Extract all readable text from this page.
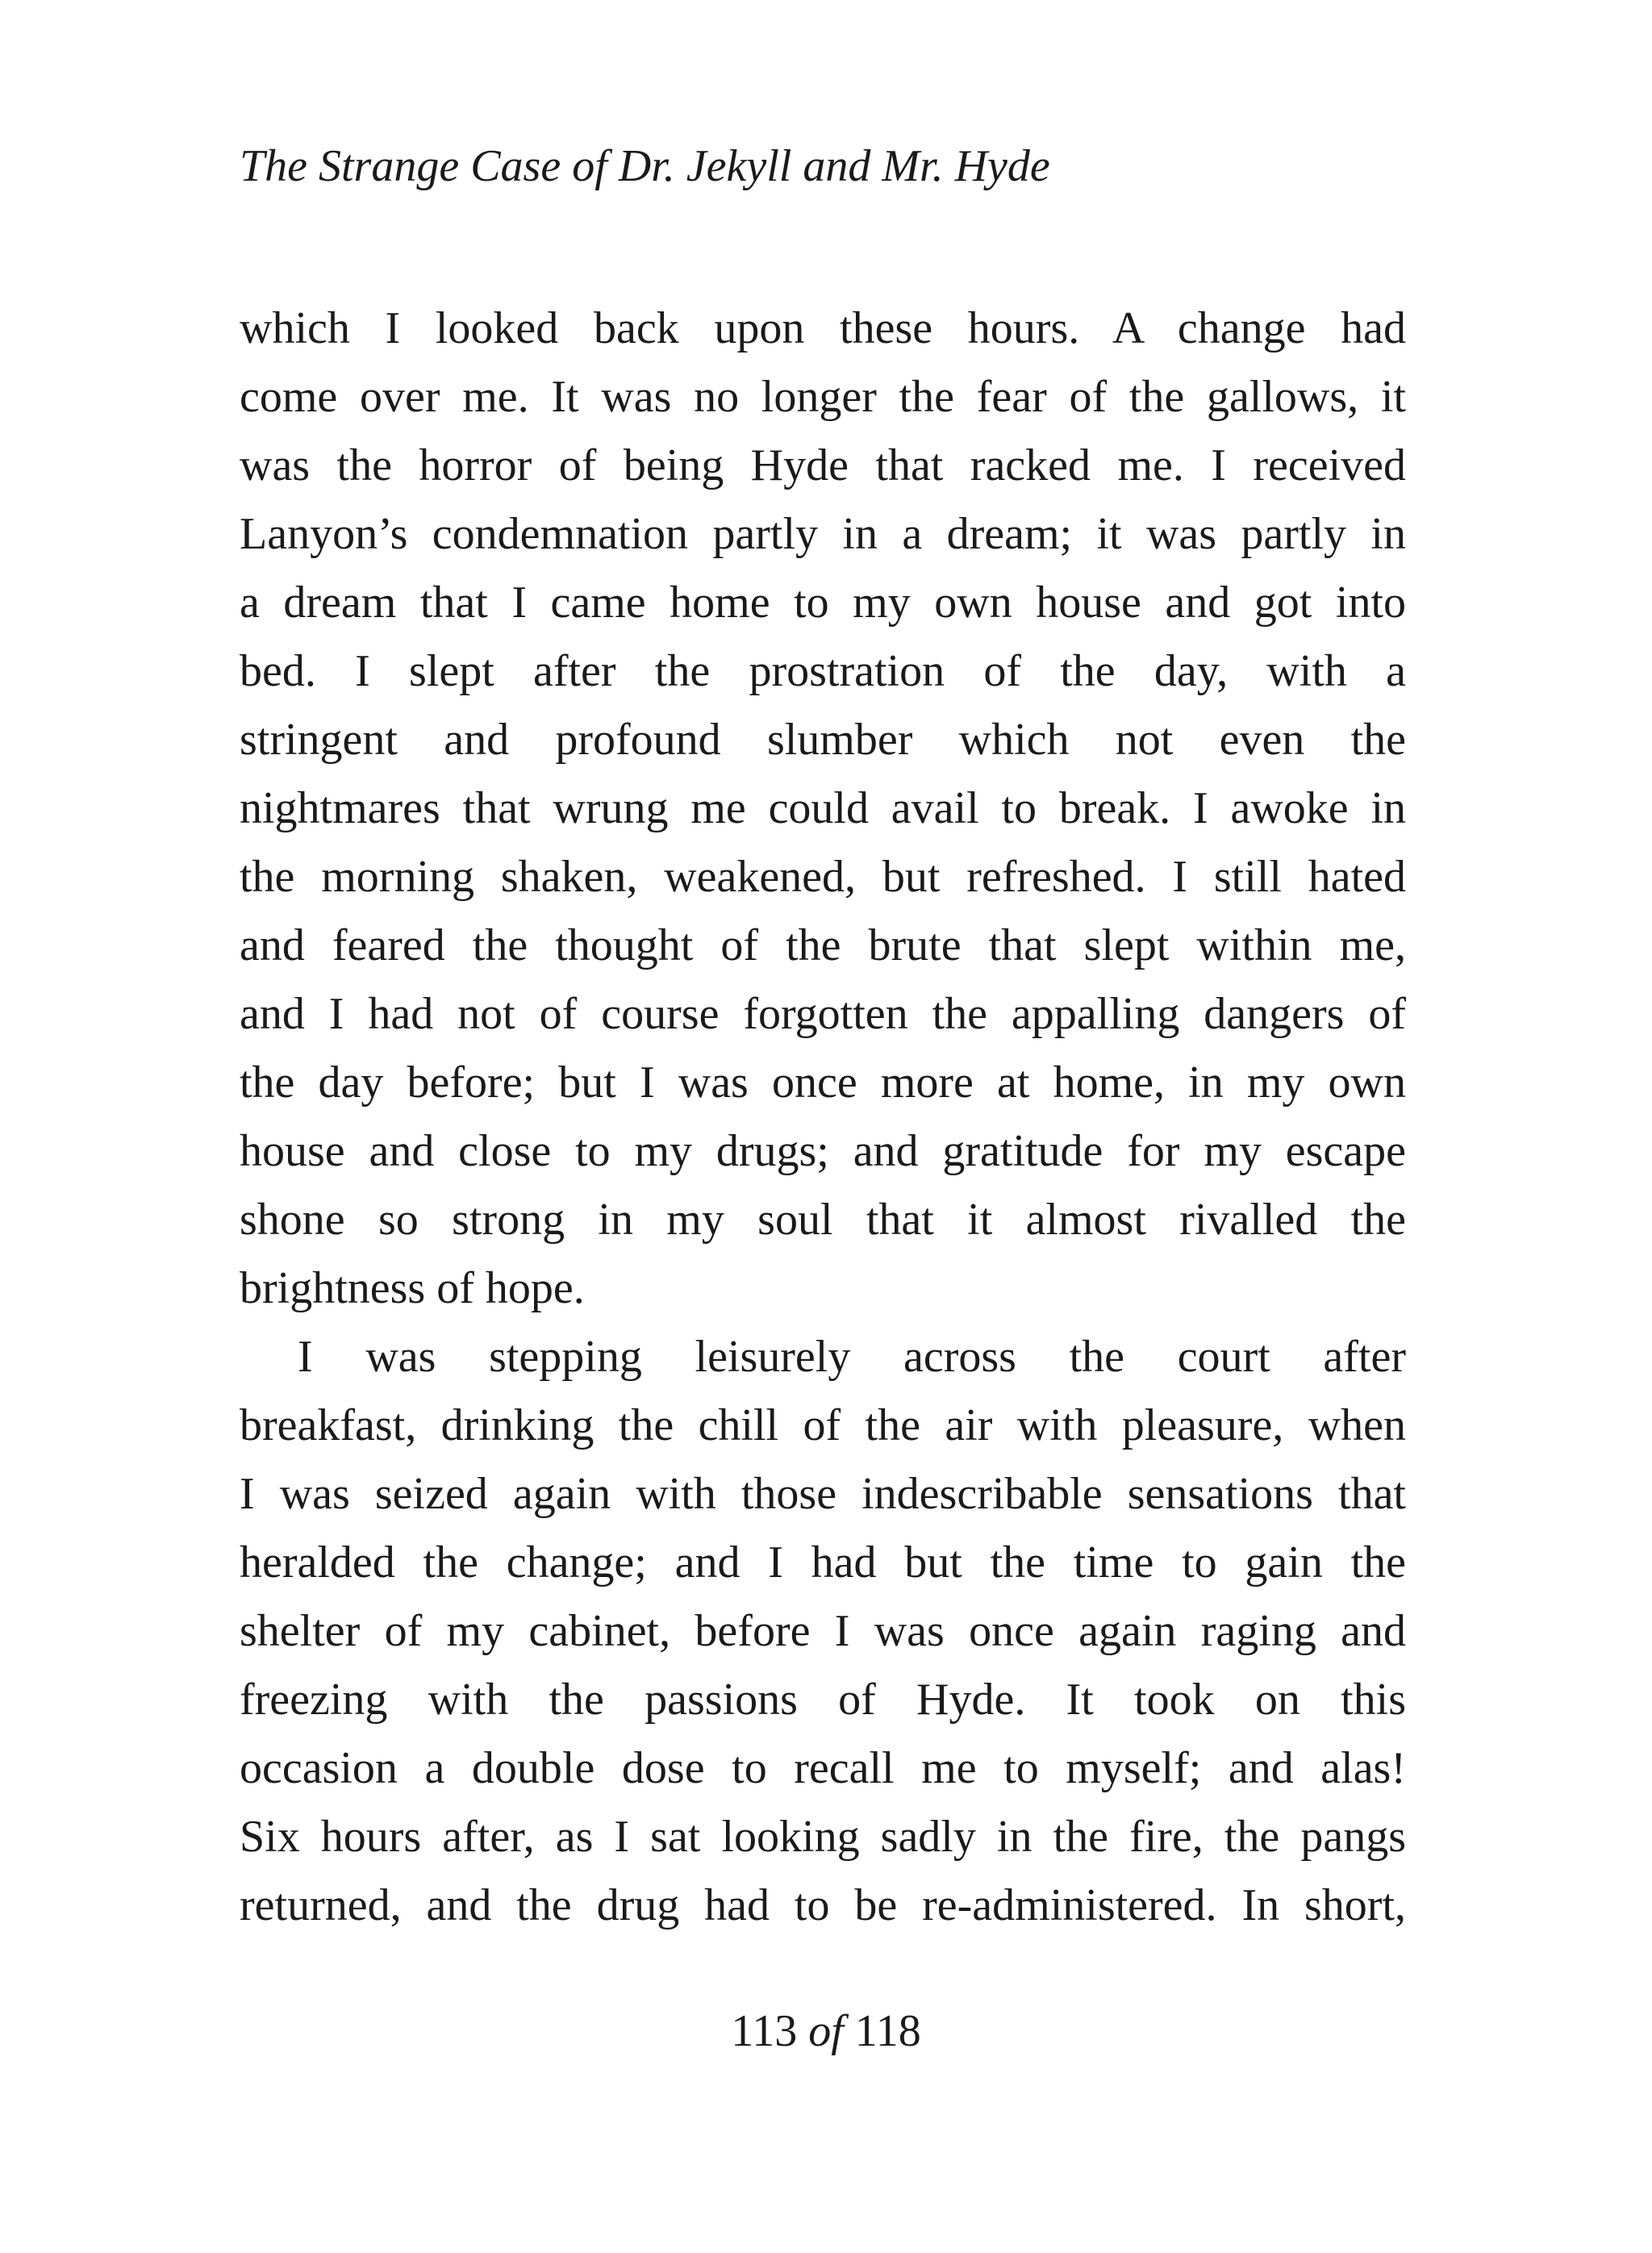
The Strange Case of Dr. Jekyll and Mr. Hyde
which I looked back upon these hours. A change had
come over me. It was no longer the fear of the gallows, it
was the horror of being Hyde that racked me. I received
Lanyon’s condemnation partly in a dream; it was partly in
a dream that I came home to my own house and got into
bed. I slept after the prostration of the day, with a
stringent and profound slumber which not even the
nightmares that wrung me could avail to break. I awoke in
the morning shaken, weakened, but refreshed. I still hated
and feared the thought of the brute that slept within me,
and I had not of course forgotten the appalling dangers of
the day before; but I was once more at home, in my own
house and close to my drugs; and gratitude for my escape
shone so strong in my soul that it almost rivalled the
brightness of hope.
I was stepping leisurely across the court after
breakfast, drinking the chill of the air with pleasure, when
I was seized again with those indescribable sensations that
heralded the change; and I had but the time to gain the
shelter of my cabinet, before I was once again raging and
freezing with the passions of Hyde. It took on this
occasion a double dose to recall me to myself; and alas!
Six hours after, as I sat looking sadly in the fire, the pangs
returned, and the drug had to be re-administered. In short,
113 of 118
